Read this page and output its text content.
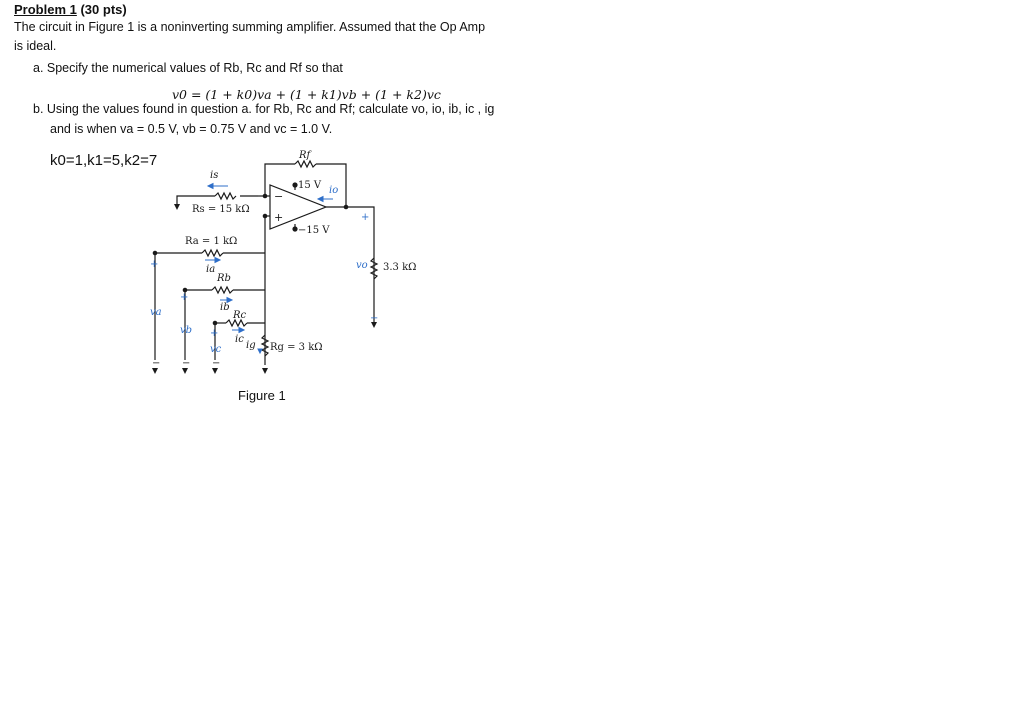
Problem 1 (30 pts)
The circuit in Figure 1 is a noninverting summing amplifier. Assumed that the Op Amp
is ideal.
a. Specify the numerical values of Rb, Rc and Rf so that
v0 = (1 + k0)va + (1 + k1)vb + (1 + k2)vc
b. Using the values found in question a. for Rb, Rc and Rf; calculate vo, io, ib, ic , ig
and is when va = 0.5 V, vb = 0.75 V and vc = 1.0 V.
k0=1,k1=5,k2=7	Rf
is
Rs = 15 kΩ
15 V io
−
+
−15 V
+
Ra = 1 kΩ
+	ia
Rb
vo 3.3 kΩ
+
ib
va	Rc	−
vb +
ic
ig Rg = 3 kΩ
vc
− − −
Figure 1
